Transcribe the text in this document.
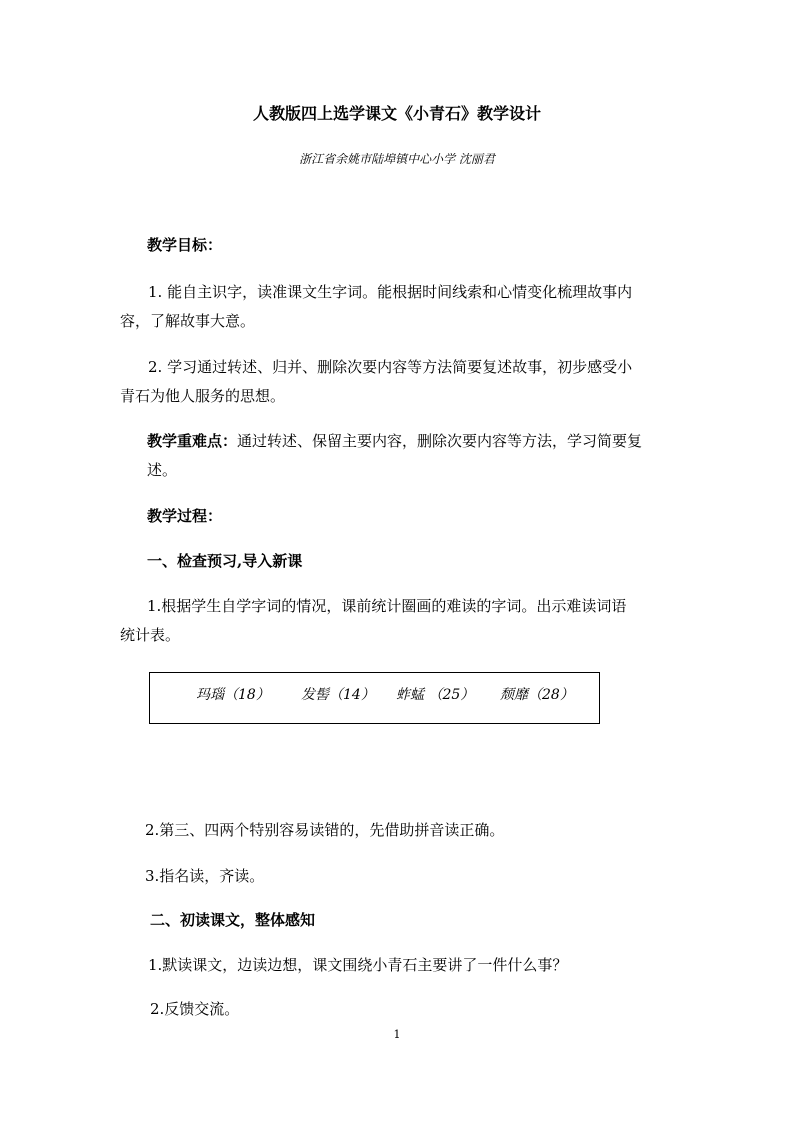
人教版四上选学课文《小青石》教学设计
浙江省余姚市陆埠镇中心小学 沈丽君
教学目标：
1. 能自主识字，读准课文生字词。能根据时间线索和心情变化梳理故事内
容，了解故事大意。
2. 学习通过转述、归并、删除次要内容等方法简要复述故事，初步感受小
青石为他人服务的思想。
教学重难点：通过转述、保留主要内容，删除次要内容等方法，学习简要复
述。
教学过程：
一、检查预习,导入新课
1.根据学生自学字词的情况，课前统计圈画的难读的字词。出示难读词语
统计表。
玛瑙（18） 发髻（14） 蚱蜢 （25） 颓靡（28）
2.第三、四两个特别容易读错的，先借助拼音读正确。
3.指名读，齐读。
二、初读课文，整体感知
1.默读课文，边读边想，课文围绕小青石主要讲了一件什么事？
2.反馈交流。
1
